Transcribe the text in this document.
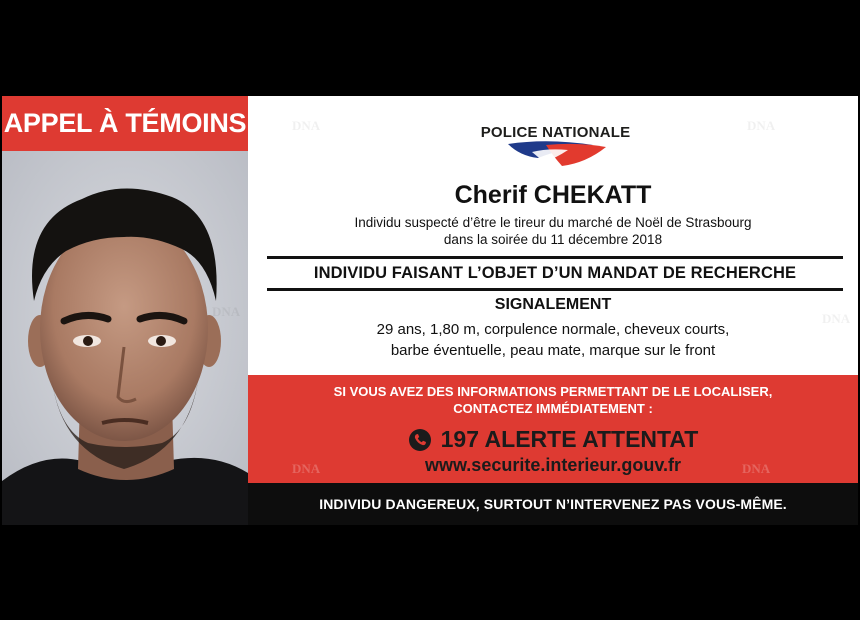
APPEL À TÉMOINS	POLICE NATIONALE
DNA	DNA
DNA	DNA
Cherif CHEKATT
Individu suspecté d’être le tireur du marché de Noël de Strasbourg
dans la soirée du 11 décembre 2018
INDIVIDU FAISANT L’OBJET D’UN MANDAT DE RECHERCHE
SIGNALEMENT
29 ans, 1,80 m, corpulence normale, cheveux courts,
barbe éventuelle, peau mate, marque sur le front
SI VOUS AVEZ DES INFORMATIONS PERMETTANT DE LE LOCALISER,
CONTACTEZ IMMÉDIATEMENT :
197 ALERTE ATTENTAT
www.securite.interieur.gouv.fr
DNA	DNA
INDIVIDU DANGEREUX, SURTOUT N’INTERVENEZ PAS VOUS-MÊME.
